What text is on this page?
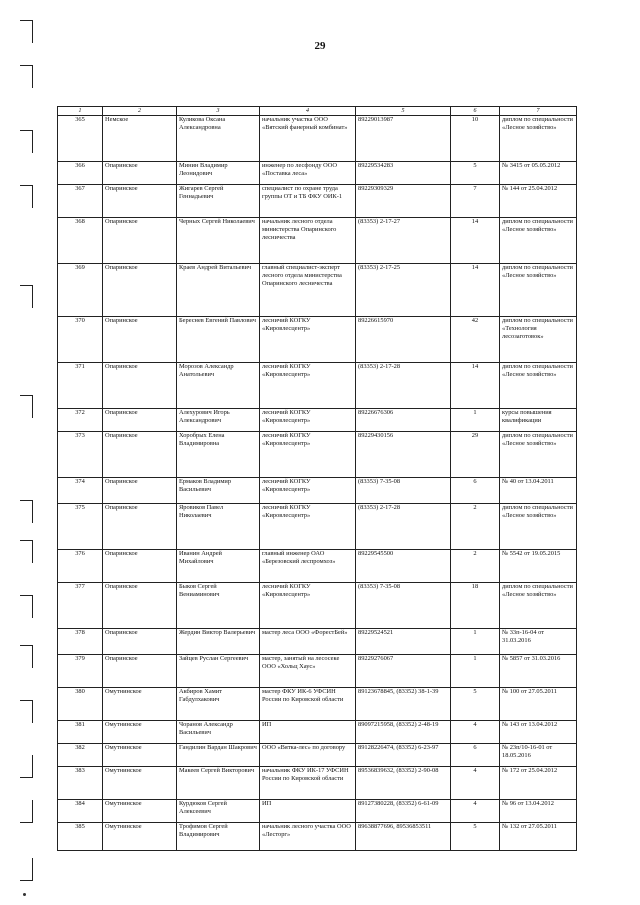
29
1	2	3	4	5	6	7
365	Немское	Куликова Оксана Александровна	начальник участка ООО «Вятский фанерный комбинат»	89229013987	10	диплом по специальности «Лесное хозяйство»
366	Опаринское	Минин Владимир Леонидович	инженер по лесфонду ООО «Поставка леса»	89229534283	5	№ 3415 от 05.05.2012
367	Опаринское	Жигарев Сергей Геннадьевич	специалист по охране труда группы ОТ и ТБ ФКУ ОИК-1	89229309329	7	№ 144 от 25.04.2012
368	Опаринское	Черных Сергей Николаевич	начальник лесного отдела министерства Опаринского лесничества	(83353) 2-17-27	14	диплом по специальности «Лесное хозяйство»
369	Опаринское	Краев Андрей Витальевич	главный специалист-эксперт лесного отдела министерства Опаринского лесничества	(83353) 2-17-25	14	диплом по специальности «Лесное хозяйство»
370	Опаринское	Береснев Евгений Павлович	лесничий КОГКУ «Кировлесцентр»	89226615970	42	диплом по специальности «Технология лесозаготовок»
371	Опаринское	Морозов Александр Анатольевич	лесничий КОГКУ «Кировлесцентр»	(83353) 2-17-28	14	диплом по специальности «Лесное хозяйство»
372	Опаринское	Алехурович Игорь Александрович	лесничий КОГКУ «Кировлесцентр»	89226676306	1	курсы повышения квалификации
373	Опаринское	Хоробрых Елена Владимировна	лесничий КОГКУ «Кировлесцентр»	89229430156	29	диплом по специальности «Лесное хозяйство»
374	Опаринское	Ермаков Владимир Васильевич	лесничий КОГКУ «Кировлесцентр»	(83353) 7-35-08	6	№ 40 от 13.04.2011
375	Опаринское	Яровиков Павел Николаевич	лесничий КОГКУ «Кировлесцентр»	(83353) 2-17-28	2	диплом по специальности «Лесное хозяйство»
376	Опаринское	Иванин Андрей Михайлович	главный инженер ОАО «Березовский леспромхоз»	89229545500	2	№ 5542 от 19.05.2015
377	Опаринское	Быков Сергей Вениаминович	лесничий КОГКУ «Кировлесцентр»	(83353) 7-35-08	18	диплом по специальности «Лесное хозяйство»
378	Опаринское	Жердин Виктор Валерьевич	мастер леса ООО «ФорестБей»	89229524521	1	№ 33п-16-04 от 31.03.2016
379	Опаринское	Зайцев Руслан Сергеевич	мастер, занятый на лесосеке ООО «Хольц Хаус»	89229276067	1	№ 5857 от 31.03.2016
380	Омутнинское	Акбиров Хамит Габдулхакович	мастер ФКУ ИК-6 УФСИН России по Кировской области	89123678845, (83352) 38-1-39	5	№ 100 от 27.05.2011
381	Омутнинское	Чоранов Александр Васильевич	ИП	89097215958, (83352) 2-48-19	4	№ 143 от 13.04.2012
382	Омутнинское	Гандилин Вардан Шакрович	ООО «Вятка-лес» по договору	89128226474, (83352) 6-23-97	6	№ 23п/10-16-01 от 18.05.2016
383	Омутнинское	Макеев Сергей Викторович	начальник ФКУ ИК-17 УФСИН России по Кировской области	89536839632, (83352) 2-90-08	4	№ 172 от 25.04.2012
384	Омутнинское	Курдюков Сергей Алексеевич	ИП	89127380228, (83352) 6-61-09	4	№ 96 от 13.04.2012
385	Омутнинское	Трофимов Сергей Владимирович	начальник лесного участка ООО «Лесторг»	89638877696, 89536853511	5	№ 132 от 27.05.2011
